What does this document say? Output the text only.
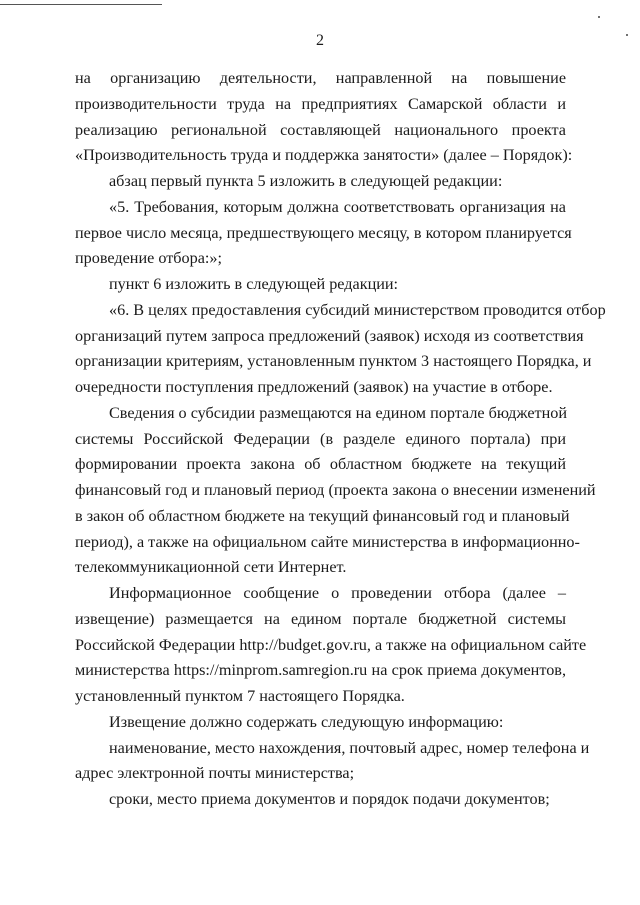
2
на организацию деятельности, направленной на повышение
производительности труда на предприятиях Самарской области и
реализацию региональной составляющей национального проекта
«Производительность труда и поддержка занятости» (далее – Порядок):
абзац первый пункта 5 изложить в следующей редакции:
«5. Требования, которым должна соответствовать организация на
первое число месяца, предшествующего месяцу, в котором планируется
проведение отбора:»;
пункт 6 изложить в следующей редакции:
«6. В целях предоставления субсидий министерством проводится отбор
организаций путем запроса предложений (заявок) исходя из соответствия
организации критериям, установленным пунктом 3 настоящего Порядка, и
очередности поступления предложений (заявок) на участие в отборе.
Сведения о субсидии размещаются на едином портале бюджетной
системы Российской Федерации (в разделе единого портала) при
формировании проекта закона об областном бюджете на текущий
финансовый год и плановый период (проекта закона о внесении изменений
в закон об областном бюджете на текущий финансовый год и плановый
период), а также на официальном сайте министерства в информационно-
телекоммуникационной сети Интернет.
Информационное сообщение о проведении отбора (далее –
извещение) размещается на едином портале бюджетной системы
Российской Федерации http://budget.gov.ru, а также на официальном сайте
министерства https://minprom.samregion.ru на срок приема документов,
установленный пунктом 7 настоящего Порядка.
Извещение должно содержать следующую информацию:
наименование, место нахождения, почтовый адрес, номер телефона и
адрес электронной почты министерства;
сроки, место приема документов и порядок подачи документов;
